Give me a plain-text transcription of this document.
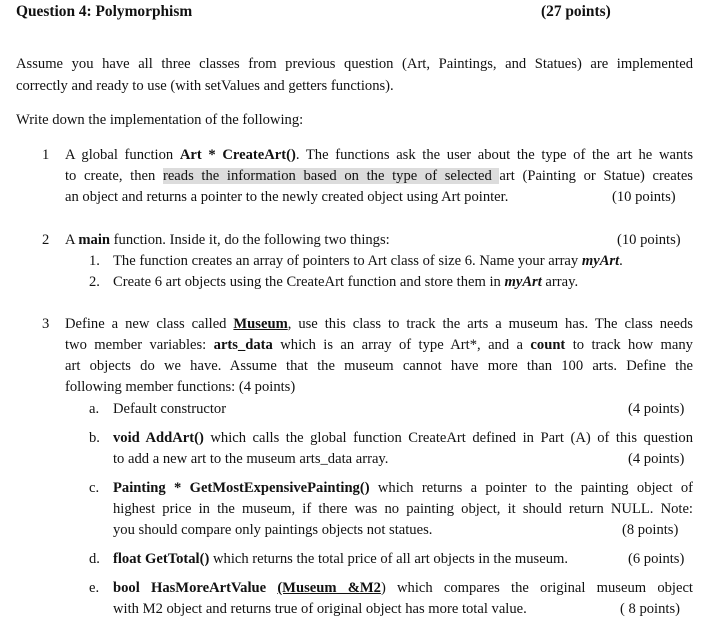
Question 4: Polymorphism	(27 points)
Assume you have all three classes from previous question (Art, Paintings, and Statues) are implemented
correctly and ready to use (with setValues and getters functions).
Write down the implementation of the following:
1 A global function Art * CreateArt(). The functions ask the user about the type of the art he wants
to create, then reads the information based on the type of selected art (Painting or Statue) creates
an object and returns a pointer to the newly created object using Art pointer.	(10 points)
2 A main function. Inside it, do the following two things:	(10 points)
1. The function creates an array of pointers to Art class of size 6. Name your array myArt.
2. Create 6 art objects using the CreateArt function and store them in myArt array.
3 Define a new class called Museum, use this class to track the arts a museum has. The class needs
two member variables: arts_data which is an array of type Art*, and a count to track how many
art objects do we have. Assume that the museum cannot have more than 100 arts. Define the
following member functions: (4 points)
a. Default constructor	(4 points)
b. void AddArt() which calls the global function CreateArt defined in Part (A) of this question
to add a new art to the museum arts_data array.	(4 points)
c. Painting * GetMostExpensivePainting() which returns a pointer to the painting object of
highest price in the museum, if there was no painting object, it should return NULL. Note:
you should compare only paintings objects not statues.	(8 points)
d. float GetTotal() which returns the total price of all art objects in the museum.	(6 points)
e. bool HasMoreArtValue (Museum &M2) which compares the original museum object
with M2 object and returns true of original object has more total value.	( 8 points)
